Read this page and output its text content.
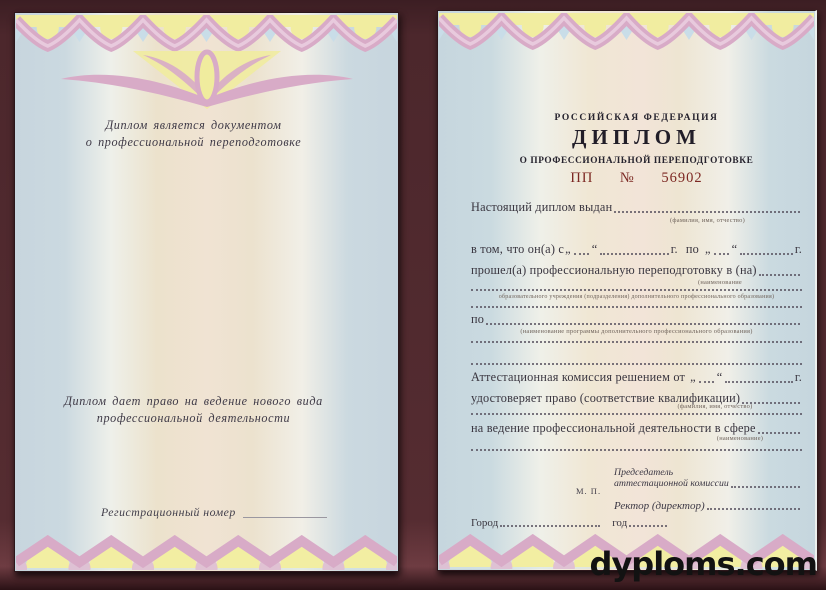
Диплом является документом
о профессиональной переподготовке
Диплом дает право на ведение нового вида
профессиональной деятельности
Регистрационный номер
РОССИЙСКАЯ ФЕДЕРАЦИЯ
ДИПЛОМ
О ПРОФЕССИОНАЛЬНОЙ ПЕРЕПОДГОТОВКЕ
ПП № 56902
Настоящий диплом выдан
(фамилия, имя, отчество)
в том, что он(а) с „ “	г. по „ “	г.
прошел(а) профессиональную переподготовку в (на)
(наименование
образовательного учреждения (подразделения) дополнительного профессионального образования)
по
(наименование программы дополнительного профессионального образования)
Аттестационная комиссия решением от „ “	г.
удостоверяет право (соответствие квалификации)
(фамилия, имя, отчество)
на ведение профессиональной деятельности в сфере
(наименование)
Председатель
аттестационной комиссии
М. П.
Ректор (директор)
Город	год
dyploms.com
